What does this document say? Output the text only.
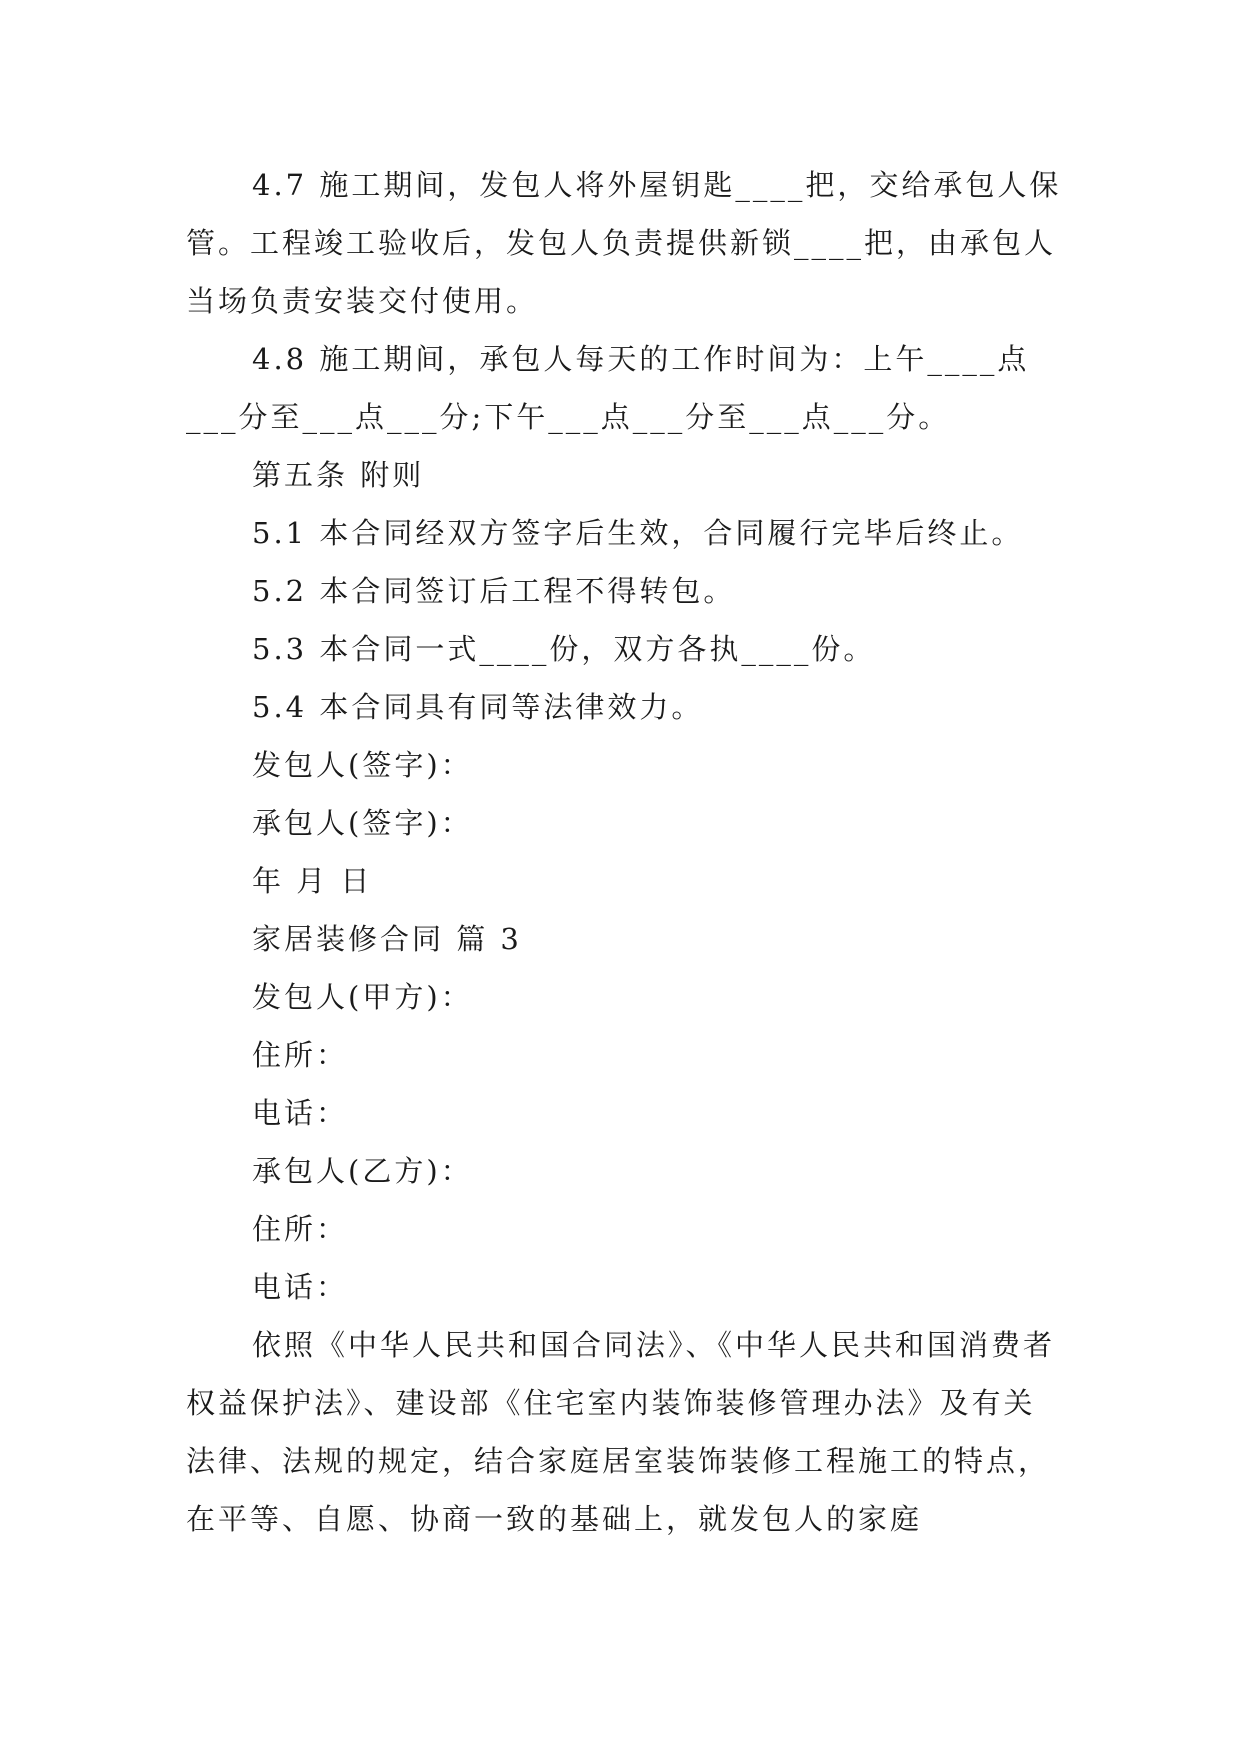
4.7 施工期间，发包人将外屋钥匙____把，交给承包人保管。工程竣工验收后，发包人负责提供新锁____把，由承包人当场负责安装交付使用。

4.8 施工期间，承包人每天的工作时间为：上午____点___分至___点___分;下午___点___分至___点___分。

第五条 附则

5.1 本合同经双方签字后生效，合同履行完毕后终止。

5.2 本合同签订后工程不得转包。

5.3 本合同一式____份，双方各执____份。

5.4 本合同具有同等法律效力。

发包人(签字)：

承包人(签字)：

年 月 日

家居装修合同 篇 3

发包人(甲方)：

住所：

电话：

承包人(乙方)：

住所：

电话：

依照《中华人民共和国合同法》、《中华人民共和国消费者权益保护法》、建设部《住宅室内装饰装修管理办法》及有关法律、法规的规定，结合家庭居室装饰装修工程施工的特点，在平等、自愿、协商一致的基础上，就发包人的家庭
